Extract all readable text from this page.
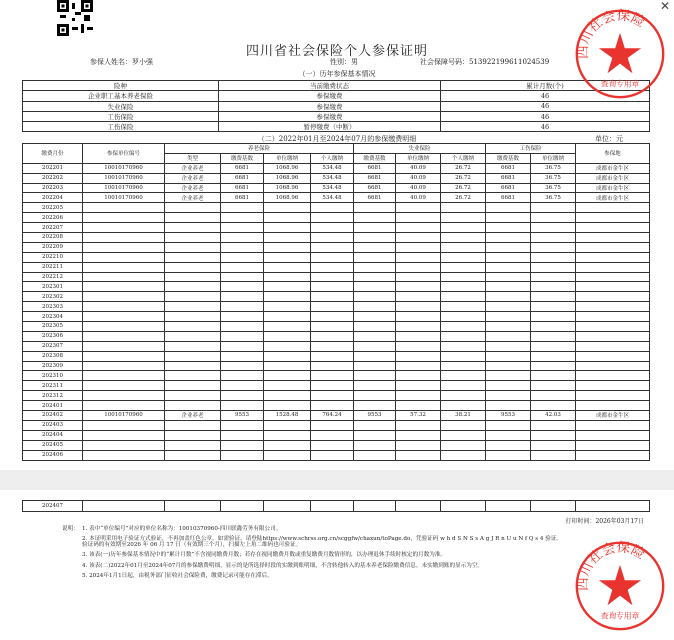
✕
四川省社会保险个人参保证明
参保人姓名：罗小强	性别：男	社会保障号码：513922199611024539
（一）历年参保基本情况
险种	当前缴费状态	累计月数(个)
企业职工基本养老保险	参保缴费	46
失业保险	参保缴费	46
工伤保险	参保缴费	46
工伤保险	暂停缴费（中断）	46
（二）2022年01月至2024年07月的参保缴费明细	单位：元
缴费月份	参保单位编号	养老保险				失业保险			工伤保险		参保地
		类型	缴费基数	单位缴纳	个人缴纳	缴费基数	单位缴纳	个人缴纳	缴费基数	单位缴纳	
202201	10010170960	企业养老	6681	1068.96	534.48	6681	40.09	26.72	6681	36.75	成都市金牛区
202202	10010170960	企业养老	6681	1068.96	534.48	6681	40.09	26.72	6681	36.75	成都市金牛区
202203	10010170960	企业养老	6681	1068.96	534.48	6681	40.09	26.72	6681	36.75	成都市金牛区
202204	10010170960	企业养老	6681	1068.96	534.48	6681	40.09	26.72	6681	36.75	成都市金牛区
202205											
202206											
202207											
202208											
202209											
202210											
202211											
202212											
202301											
202302											
202303											
202304											
202305											
202306											
202307											
202308											
202309											
202310											
202311											
202312											
202401											
202402	10010170960	企业养老	9553	1528.48	764.24	9553	57.32	38.21	9553	42.03	成都市金牛区
202403											
202404											
202405											
202406											
202407											
打印时间：2026年03月17日
说明： 1. 表中“单位编号”对应的单位名称为：10010370960-四川联鑫劳务有限公司。
2. 本证明采用电子验证方式验证，不再加盖红色公章。如需验证，请登陆https://www.schrss.org.cn/scggfw/chaxun/toPage.do，凭验证码 w h d S N S s A g J R n U u N f Q s 4 验证。验证码的有效期至2026 年 06 月 17 日（有效期三个月），扫描左上角二维码也可验证。
3. 该表(一)历年参保基本情况中的“累计月数”不含视同缴费月数；若存在视同缴费月数或重复缴费月数情形的，以办理退休手续时核定的月数为准。
4. 该表(二)2022年01月至2024年07月的参保缴费明细，显示的是所选择时段的实缴到账明细，不含转他转入的基本养老保险缴费信息。未实缴到账的显示为空。
5. 2024年1月1日起，由税务部门征收社会保险费，缴费记录可能存在滞后。
四川社会保险
查询专用章
四川社会保险
查询专用章
